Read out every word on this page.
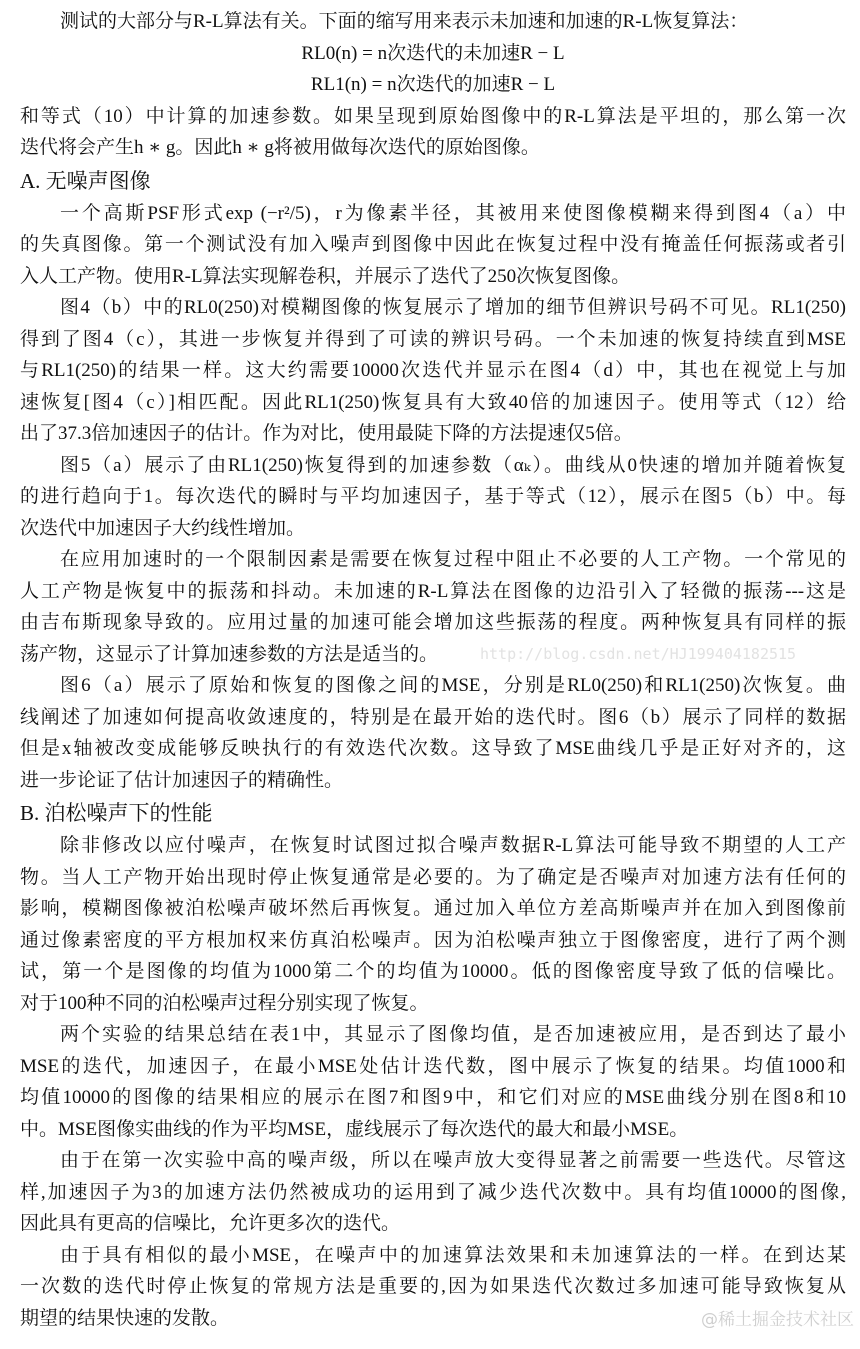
测试的大部分与R-L算法有关。下面的缩写用来表示未加速和加速的R-L恢复算法：
RL0(n) = n次迭代的未加速R − L
RL1(n) = n次迭代的加速R − L
和等式（10）中计算的加速参数。如果呈现到原始图像中的R-L算法是平坦的，那么第一次
迭代将会产生h ∗ g。因此h ∗ g将被用做每次迭代的原始图像。
A. 无噪声图像
一个高斯PSF形式exp (−r²/5)，r为像素半径，其被用来使图像模糊来得到图4（a）中
的失真图像。第一个测试没有加入噪声到图像中因此在恢复过程中没有掩盖任何振荡或者引
入人工产物。使用R-L算法实现解卷积，并展示了迭代了250次恢复图像。
图4（b）中的RL0(250)对模糊图像的恢复展示了增加的细节但辨识号码不可见。RL1(250)
得到了图4（c），其进一步恢复并得到了可读的辨识号码。一个未加速的恢复持续直到MSE
与RL1(250)的结果一样。这大约需要10000次迭代并显示在图4（d）中，其也在视觉上与加
速恢复[图4（c）]相匹配。因此RL1(250)恢复具有大致40倍的加速因子。使用等式（12）给
出了37.3倍加速因子的估计。作为对比，使用最陡下降的方法提速仅5倍。
图5（a）展示了由RL1(250)恢复得到的加速参数（αₖ）。曲线从0快速的增加并随着恢复
的进行趋向于1。每次迭代的瞬时与平均加速因子，基于等式（12），展示在图5（b）中。每
次迭代中加速因子大约线性增加。
在应用加速时的一个限制因素是需要在恢复过程中阻止不必要的人工产物。一个常见的
人工产物是恢复中的振荡和抖动。未加速的R-L算法在图像的边沿引入了轻微的振荡---这是
由吉布斯现象导致的。应用过量的加速可能会增加这些振荡的程度。两种恢复具有同样的振
荡产物，这显示了计算加速参数的方法是适当的。
图6（a）展示了原始和恢复的图像之间的MSE，分别是RL0(250)和RL1(250)次恢复。曲
线阐述了加速如何提高收敛速度的，特别是在最开始的迭代时。图6（b）展示了同样的数据
但是x轴被改变成能够反映执行的有效迭代次数。这导致了MSE曲线几乎是正好对齐的，这
进一步论证了估计加速因子的精确性。
B. 泊松噪声下的性能
除非修改以应付噪声，在恢复时试图过拟合噪声数据R-L算法可能导致不期望的人工产
物。当人工产物开始出现时停止恢复通常是必要的。为了确定是否噪声对加速方法有任何的
影响，模糊图像被泊松噪声破坏然后再恢复。通过加入单位方差高斯噪声并在加入到图像前
通过像素密度的平方根加权来仿真泊松噪声。因为泊松噪声独立于图像密度，进行了两个测
试，第一个是图像的均值为1000第二个的均值为10000。低的图像密度导致了低的信噪比。
对于100种不同的泊松噪声过程分别实现了恢复。
两个实验的结果总结在表1中，其显示了图像均值，是否加速被应用，是否到达了最小
MSE的迭代，加速因子，在最小MSE处估计迭代数，图中展示了恢复的结果。均值1000和
均值10000的图像的结果相应的展示在图7和图9中，和它们对应的MSE曲线分别在图8和10
中。MSE图像实曲线的作为平均MSE，虚线展示了每次迭代的最大和最小MSE。
由于在第一次实验中高的噪声级，所以在噪声放大变得显著之前需要一些迭代。尽管这
样,加速因子为3的加速方法仍然被成功的运用到了减少迭代次数中。具有均值10000的图像,
因此具有更高的信噪比，允许更多次的迭代。
由于具有相似的最小MSE，在噪声中的加速算法效果和未加速算法的一样。在到达某
一次数的迭代时停止恢复的常规方法是重要的,因为如果迭代次数过多加速可能导致恢复从
期望的结果快速的发散。
http://blog.csdn.net/HJ199404182515
@稀土掘金技术社区
